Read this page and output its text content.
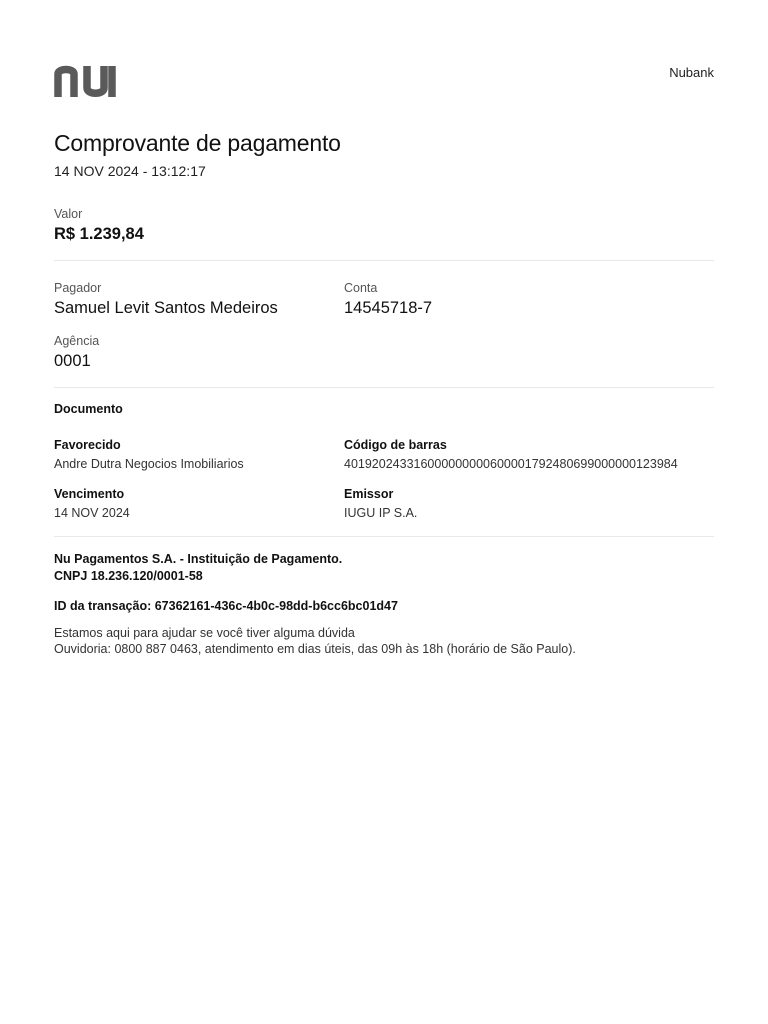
Nubank
Comprovante de pagamento
14 NOV 2024 - 13:12:17
Valor
R$ 1.239,84
Pagador
Samuel Levit Santos Medeiros
Conta
14545718-7
Agência
0001
Documento
Favorecido
Andre Dutra Negocios Imobiliarios
Código de barras
401920243316000000000600001792480699000000123984
Vencimento
14 NOV 2024
Emissor
IUGU IP S.A.
Nu Pagamentos S.A. - Instituição de Pagamento.
CNPJ 18.236.120/0001-58
ID da transação: 67362161-436c-4b0c-98dd-b6cc6bc01d47
Estamos aqui para ajudar se você tiver alguma dúvida
Ouvidoria: 0800 887 0463, atendimento em dias úteis, das 09h às 18h (horário de São Paulo).
